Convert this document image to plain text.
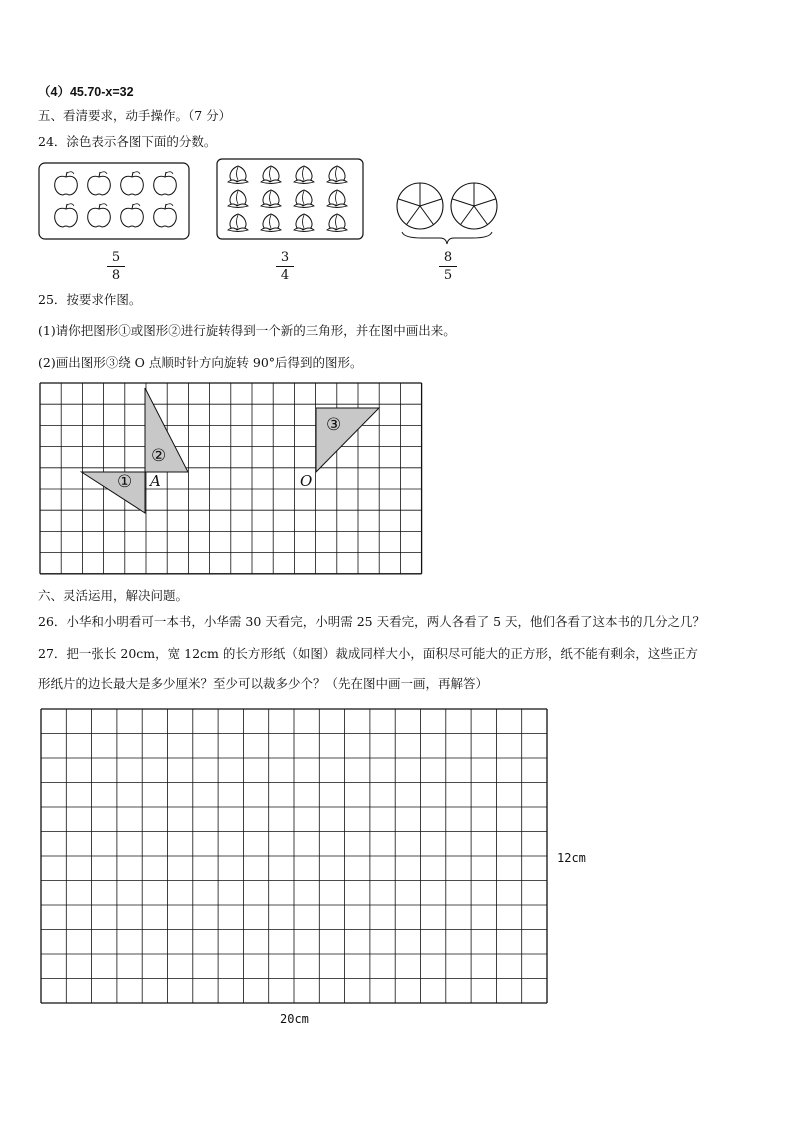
（4）45.70-x=32
五、看清要求，动手操作。（7 分）
24．涂色表示各图下面的分数。
5
8
3
4
8
5
25．按要求作图。
(1)请你把图形①或图形②进行旋转得到一个新的三角形，并在图中画出来。
(2)画出图形③绕 O 点顺时针方向旋转 90°后得到的图形。
①
②
③
A	O
六、灵活运用，解决问题。
26．小华和小明看可一本书，小华需 30 天看完，小明需 25 天看完，两人各看了 5 天，他们各看了这本书的几分之几？
27．把一张长 20cm，宽 12cm 的长方形纸（如图）裁成同样大小，面积尽可能大的正方形，纸不能有剩余，这些正方
形纸片的边长最大是多少厘米？至少可以裁多少个？（先在图中画一画，再解答）
12cm
20cm
